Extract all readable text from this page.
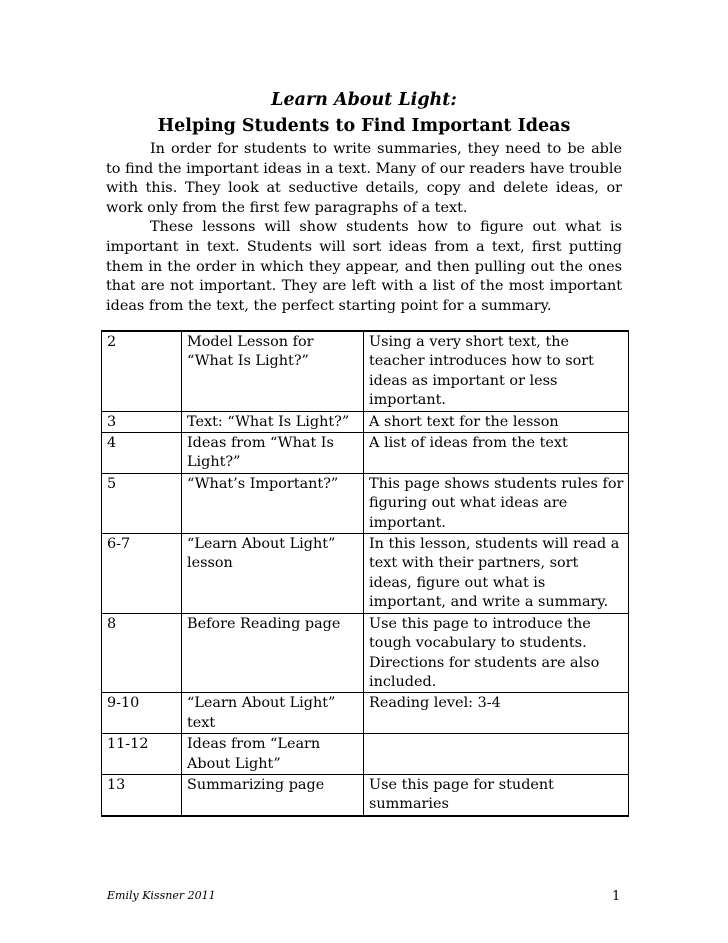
Learn About Light:
Helping Students to Find Important Ideas

In order for students to write summaries, they need to be able to find the important ideas in a text. Many of our readers have trouble with this. They look at seductive details, copy and delete ideas, or work only from the first few paragraphs of a text.

These lessons will show students how to figure out what is important in text. Students will sort ideas from a text, first putting them in the order in which they appear, and then pulling out the ones that are not important. They are left with a list of the most important ideas from the text, the perfect starting point for a summary.

2	Model Lesson for “What Is Light?”	Using a very short text, the teacher introduces how to sort ideas as important or less important.
3	Text: “What Is Light?”	A short text for the lesson
4	Ideas from “What Is Light?”	A list of ideas from the text
5	“What’s Important?”	This page shows students rules for figuring out what ideas are important.
6-7	“Learn About Light” lesson	In this lesson, students will read a text with their partners, sort ideas, figure out what is important, and write a summary.
8	Before Reading page	Use this page to introduce the tough vocabulary to students. Directions for students are also included.
9-10	“Learn About Light” text	Reading level: 3-4
11-12	Ideas from “Learn About Light”	
13	Summarizing page	Use this page for student summaries
Emily Kissner 2011	1
